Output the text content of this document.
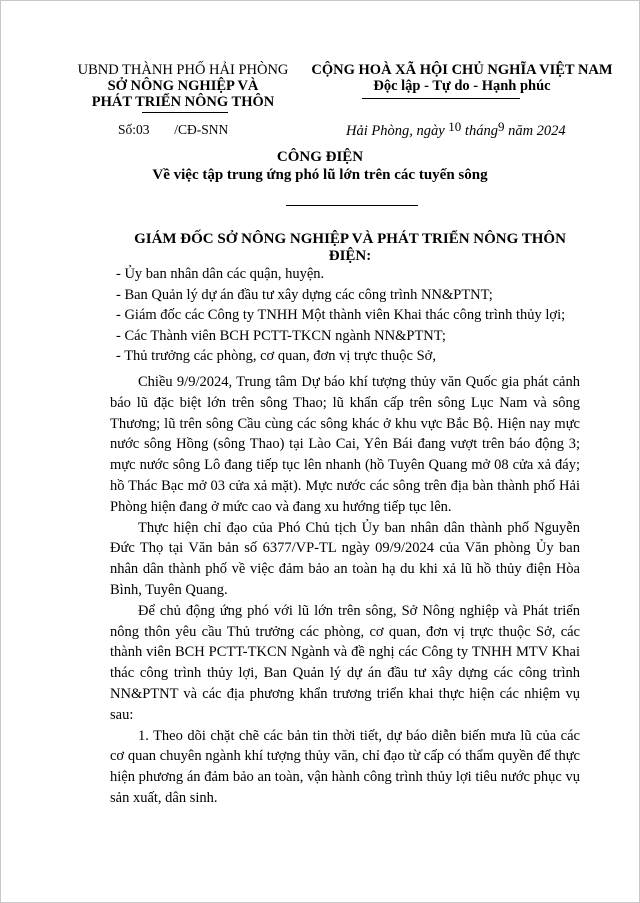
UBND THÀNH PHỐ HẢI PHÒNG
SỞ NÔNG NGHIỆP VÀ
PHÁT TRIỂN NÔNG THÔN
CỘNG HOÀ XÃ HỘI CHỦ NGHĨA VIỆT NAM
Độc lập - Tự do - Hạnh phúc
Số:03 /CĐ-SNN	Hải Phòng, ngày $^{10}$ tháng$^9$ năm 2024
CÔNG ĐIỆN
Về việc tập trung ứng phó lũ lớn trên các tuyến sông
GIÁM ĐỐC SỞ NÔNG NGHIỆP VÀ PHÁT TRIỂN NÔNG THÔN
ĐIỆN:
- Ủy ban nhân dân các quận, huyện.
- Ban Quản lý dự án đầu tư xây dựng các công trình NN&PTNT;
- Giám đốc các Công ty TNHH Một thành viên Khai thác công trình thủy lợi;
- Các Thành viên BCH PCTT-TKCN ngành NN&PTNT;
- Thủ trưởng các phòng, cơ quan, đơn vị trực thuộc Sở,

Chiều 9/9/2024, Trung tâm Dự báo khí tượng thủy văn Quốc gia phát cảnh báo lũ đặc biệt lớn trên sông Thao; lũ khẩn cấp trên sông Lục Nam và sông Thương; lũ trên sông Cầu cùng các sông khác ở khu vực Bắc Bộ. Hiện nay mực nước sông Hồng (sông Thao) tại Lào Cai, Yên Bái đang vượt trên báo động 3; mực nước sông Lô đang tiếp tục lên nhanh (hồ Tuyên Quang mở 08 cửa xả đáy; hồ Thác Bạc mở 03 cửa xả mặt). Mực nước các sông trên địa bàn thành phố Hải Phòng hiện đang ở mức cao và đang xu hướng tiếp tục lên.

Thực hiện chỉ đạo của Phó Chủ tịch Ủy ban nhân dân thành phố Nguyễn Đức Thọ tại Văn bản số 6377/VP-TL ngày 09/9/2024 của Văn phòng Ủy ban nhân dân thành phố về việc đảm bảo an toàn hạ du khi xả lũ hồ thủy điện Hòa Bình, Tuyên Quang.

Để chủ động ứng phó với lũ lớn trên sông, Sở Nông nghiệp và Phát triển nông thôn yêu cầu Thủ trưởng các phòng, cơ quan, đơn vị trực thuộc Sở, các thành viên BCH PCTT-TKCN Ngành và đề nghị các Công ty TNHH MTV Khai thác công trình thủy lợi, Ban Quản lý dự án đầu tư xây dựng các công trình NN&PTNT và các địa phương khẩn trương triển khai thực hiện các nhiệm vụ sau:

1. Theo dõi chặt chẽ các bản tin thời tiết, dự báo diễn biến mưa lũ của các cơ quan chuyên ngành khí tượng thủy văn, chỉ đạo từ cấp có thẩm quyền để thực hiện phương án đảm bảo an toàn, vận hành công trình thủy lợi tiêu nước phục vụ sản xuất, dân sinh.
